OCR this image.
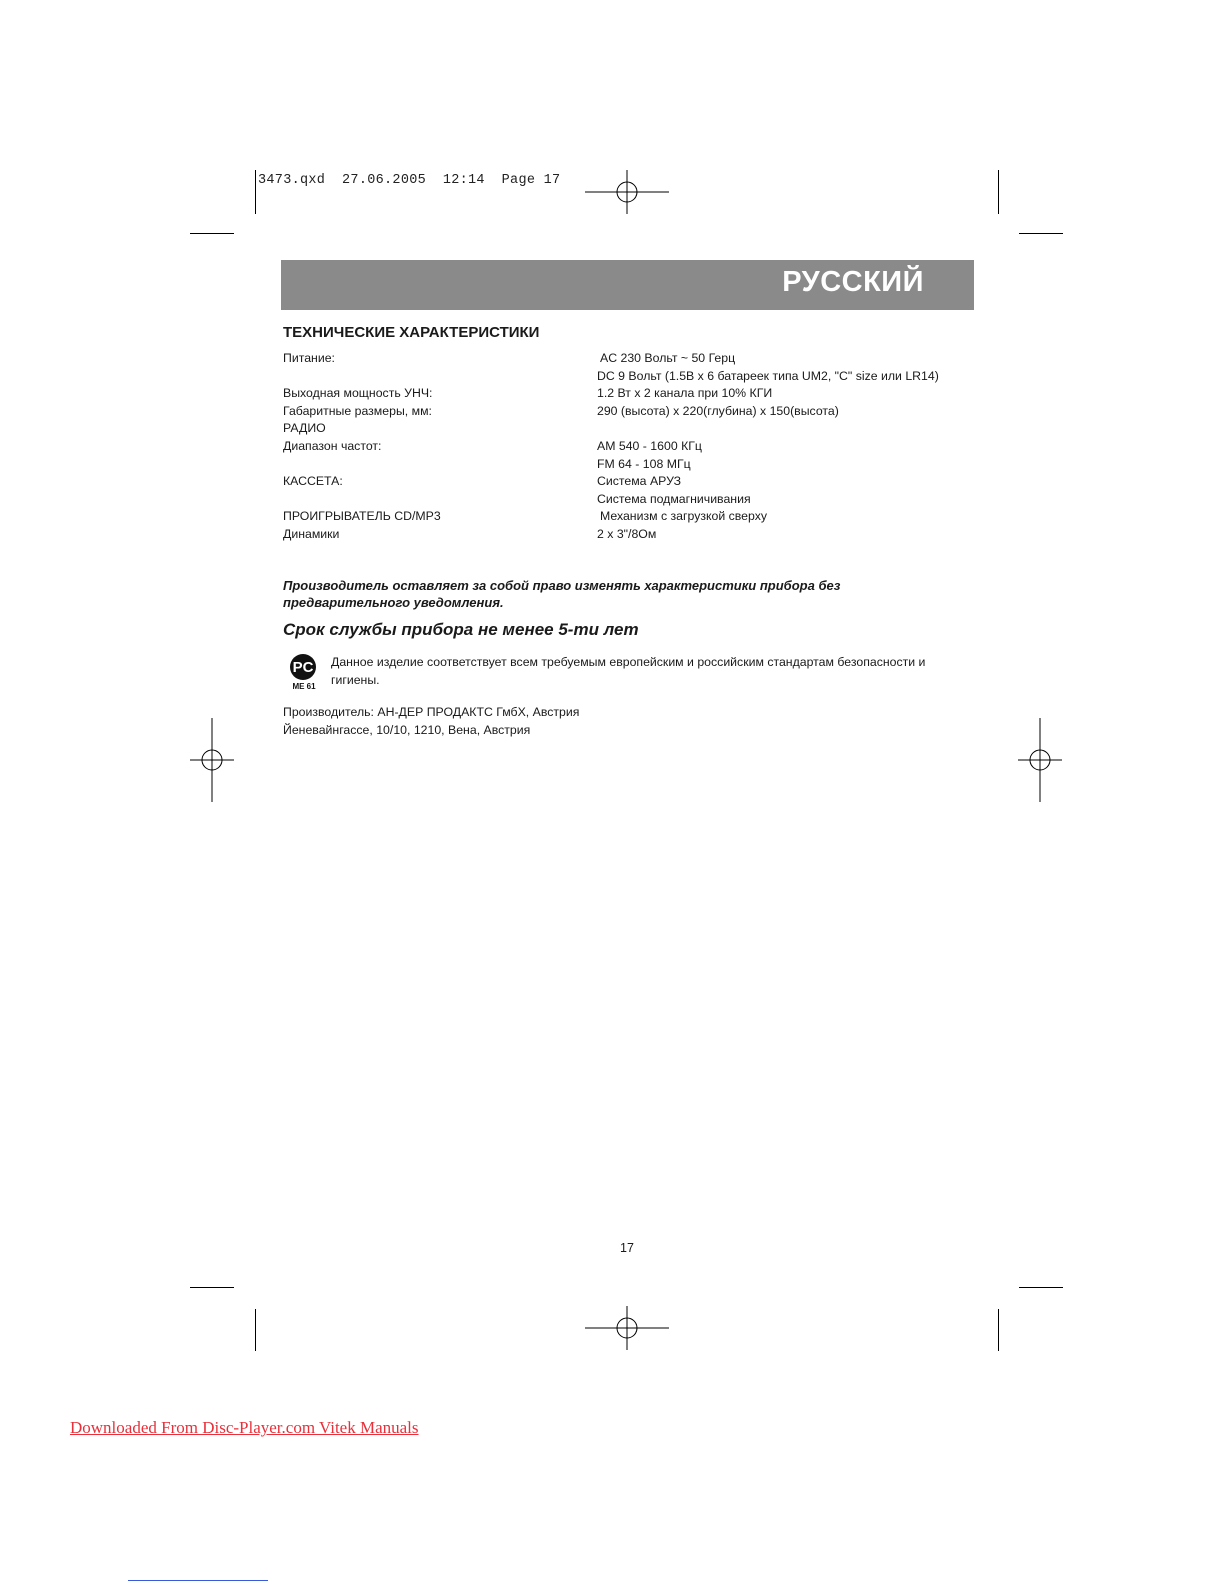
3473.qxd  27.06.2005  12:14  Page 17
РУССКИЙ
ТЕХНИЧЕСКИЕ ХАРАКТЕРИСТИКИ
Питание:	AC 230 Вольт ~ 50 Герц
DC 9 Вольт (1.5В x 6 батареек типа UM2, "C" size или LR14)
Выходная мощность УНЧ:	1.2 Вт x 2 канала при 10% КГИ
Габаритные размеры, мм:	290 (высота) x 220(глубина) x 150(высота)
РАДИО
Диапазон частот:	AM 540 - 1600 КГц
FM 64 - 108 МГц
КАССЕТА:	Система АРУЗ
Система подмагничивания
ПРОИГРЫВАТЕЛЬ CD/MP3	Механизм с загрузкой сверху
Динамики	2 x 3"/8Ом
Производитель оставляет за собой право изменять характеристики прибора без предварительного уведомления.
Срок службы прибора не менее 5-ти лет
PC
ME 61
Данное изделие соответствует всем требуемым европейским и российским стандартам безопасности и гигиены.
Производитель: АН-ДЕР ПРОДАКТС ГмбХ, Австрия
Йеневайнгассе, 10/10, 1210, Вена, Австрия
17
Downloaded From Disc-Player.com Vitek Manuals
